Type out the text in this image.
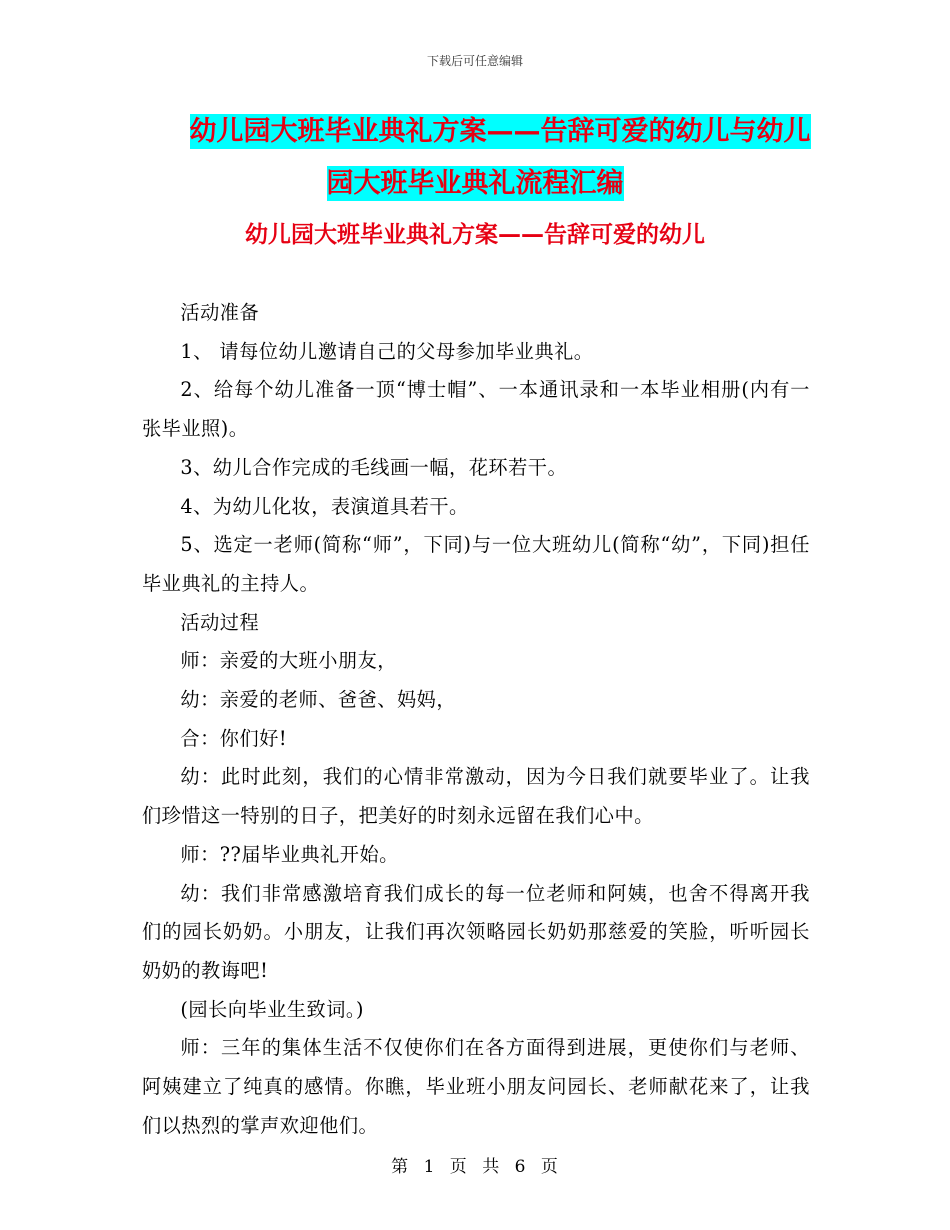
下载后可任意编辑
幼儿园大班毕业典礼方案——告辞可爱的幼儿与幼儿
园大班毕业典礼流程汇编
幼儿园大班毕业典礼方案——告辞可爱的幼儿

活动准备

1、 请每位幼儿邀请自己的父母参加毕业典礼。

2、给每个幼儿准备一顶“博士帽”、一本通讯录和一本毕业相册(内有一张毕业照)。

3、幼儿合作完成的毛线画一幅，花环若干。

4、为幼儿化妆，表演道具若干。

5、选定一老师(简称“师”，下同)与一位大班幼儿(简称“幼”，下同)担任毕业典礼的主持人。

活动过程

师：亲爱的大班小朋友，

幼：亲爱的老师、爸爸、妈妈，

合：你们好!

幼：此时此刻，我们的心情非常激动，因为今日我们就要毕业了。让我们珍惜这一特别的日子，把美好的时刻永远留在我们心中。

师：??届毕业典礼开始。

幼：我们非常感激培育我们成长的每一位老师和阿姨，也舍不得离开我们的园长奶奶。小朋友，让我们再次领略园长奶奶那慈爱的笑脸，听听园长奶奶的教诲吧!

(园长向毕业生致词。)

师：三年的集体生活不仅使你们在各方面得到进展，更使你们与老师、阿姨建立了纯真的感情。你瞧，毕业班小朋友问园长、老师献花来了，让我们以热烈的掌声欢迎他们。

第 1 页 共 6 页
